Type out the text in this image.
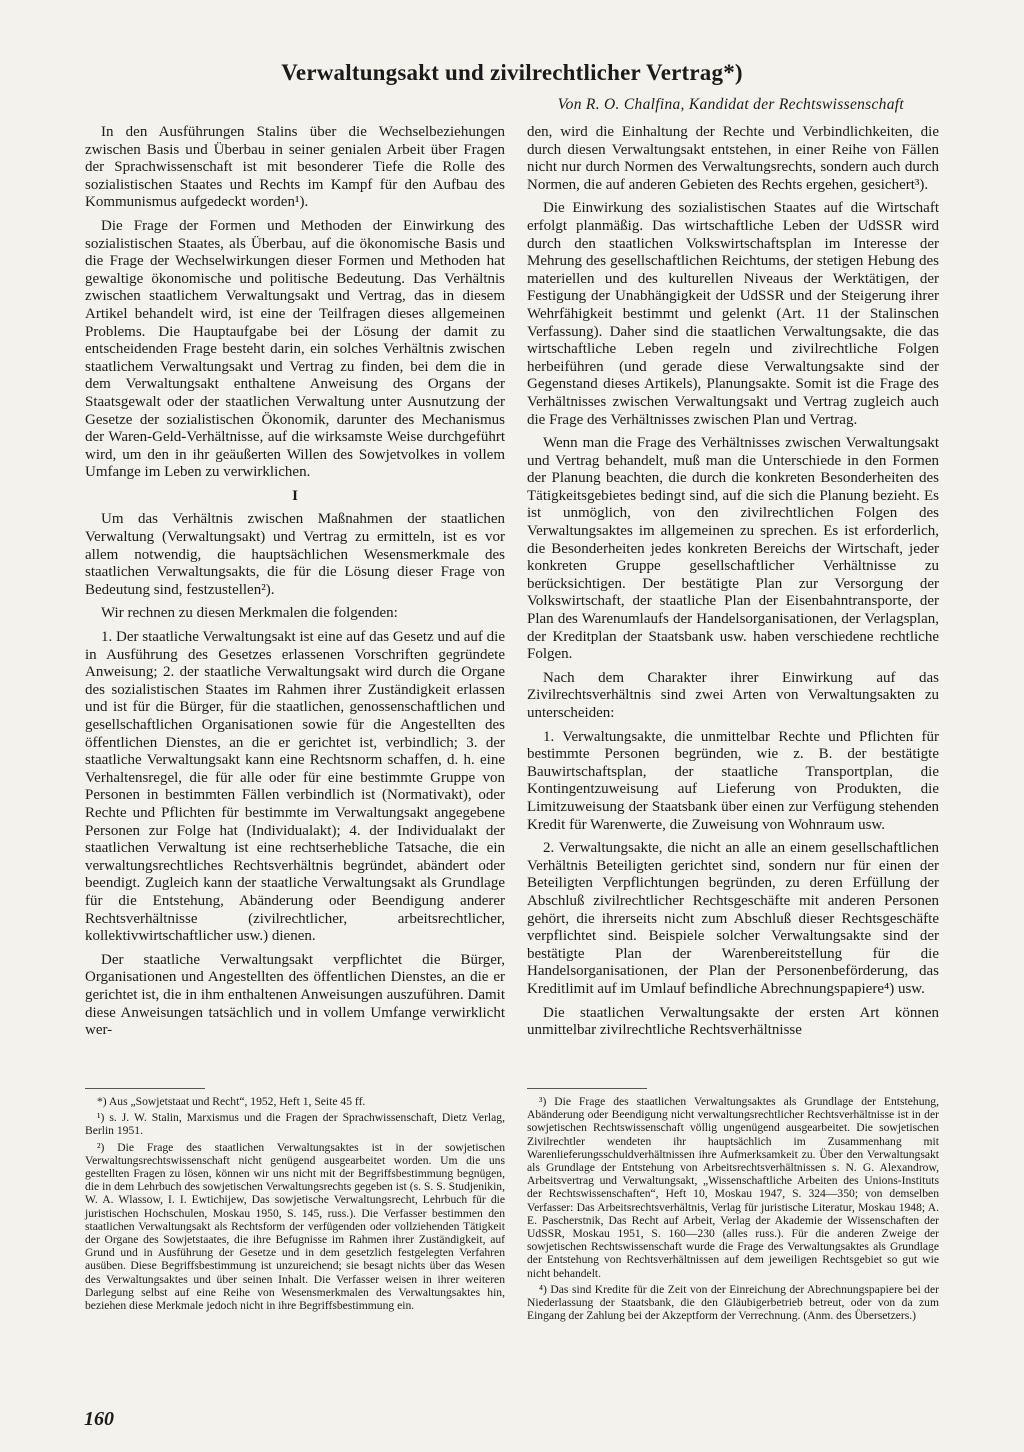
Verwaltungsakt und zivilrechtlicher Vertrag*)
Von R. O. Chalfina, Kandidat der Rechtswissenschaft

In den Ausführungen Stalins über die Wechselbeziehungen zwischen Basis und Überbau in seiner genialen Arbeit über Fragen der Sprachwissenschaft ist mit besonderer Tiefe die Rolle des sozialistischen Staates und Rechts im Kampf für den Aufbau des Kommunismus aufgedeckt worden¹).

Die Frage der Formen und Methoden der Einwirkung des sozialistischen Staates, als Überbau, auf die ökonomische Basis und die Frage der Wechselwirkungen dieser Formen und Methoden hat gewaltige ökonomische und politische Bedeutung. Das Verhältnis zwischen staatlichem Verwaltungsakt und Vertrag, das in diesem Artikel behandelt wird, ist eine der Teilfragen dieses allgemeinen Problems. Die Hauptaufgabe bei der Lösung der damit zu entscheidenden Frage besteht darin, ein solches Verhältnis zwischen staatlichem Verwaltungsakt und Vertrag zu finden, bei dem die in dem Verwaltungsakt enthaltene Anweisung des Organs der Staatsgewalt oder der staatlichen Verwaltung unter Ausnutzung der Gesetze der sozialistischen Ökonomik, darunter des Mechanismus der Waren-Geld-Verhältnisse, auf die wirksamste Weise durchgeführt wird, um den in ihr geäußerten Willen des Sowjetvolkes in vollem Umfange im Leben zu verwirklichen.

I

Um das Verhältnis zwischen Maßnahmen der staatlichen Verwaltung (Verwaltungsakt) und Vertrag zu ermitteln, ist es vor allem notwendig, die hauptsächlichen Wesensmerkmale des staatlichen Verwaltungsakts, die für die Lösung dieser Frage von Bedeutung sind, festzustellen²).

Wir rechnen zu diesen Merkmalen die folgenden:

1. Der staatliche Verwaltungsakt ist eine auf das Gesetz und auf die in Ausführung des Gesetzes erlassenen Vorschriften gegründete Anweisung; 2. der staatliche Verwaltungsakt wird durch die Organe des sozialistischen Staates im Rahmen ihrer Zuständigkeit erlassen und ist für die Bürger, für die staatlichen, genossenschaftlichen und gesellschaftlichen Organisationen sowie für die Angestellten des öffentlichen Dienstes, an die er gerichtet ist, verbindlich; 3. der staatliche Verwaltungsakt kann eine Rechtsnorm schaffen, d. h. eine Verhaltensregel, die für alle oder für eine bestimmte Gruppe von Personen in bestimmten Fällen verbindlich ist (Normativakt), oder Rechte und Pflichten für bestimmte im Verwaltungsakt angegebene Personen zur Folge hat (Individualakt); 4. der Individualakt der staatlichen Verwaltung ist eine rechtserhebliche Tatsache, die ein verwaltungsrechtliches Rechtsverhältnis begründet, abändert oder beendigt. Zugleich kann der staatliche Verwaltungsakt als Grundlage für die Entstehung, Abänderung oder Beendigung anderer Rechtsverhältnisse (zivilrechtlicher, arbeitsrechtlicher, kollektivwirtschaftlicher usw.) dienen.

Der staatliche Verwaltungsakt verpflichtet die Bürger, Organisationen und Angestellten des öffentlichen Dienstes, an die er gerichtet ist, die in ihm enthaltenen Anweisungen auszuführen. Damit diese Anweisungen tatsächlich und in vollem Umfange verwirklicht wer-

den, wird die Einhaltung der Rechte und Verbindlichkeiten, die durch diesen Verwaltungsakt entstehen, in einer Reihe von Fällen nicht nur durch Normen des Verwaltungsrechts, sondern auch durch Normen, die auf anderen Gebieten des Rechts ergehen, gesichert³).

Die Einwirkung des sozialistischen Staates auf die Wirtschaft erfolgt planmäßig. Das wirtschaftliche Leben der UdSSR wird durch den staatlichen Volkswirtschaftsplan im Interesse der Mehrung des gesellschaftlichen Reichtums, der stetigen Hebung des materiellen und des kulturellen Niveaus der Werktätigen, der Festigung der Unabhängigkeit der UdSSR und der Steigerung ihrer Wehrfähigkeit bestimmt und gelenkt (Art. 11 der Stalinschen Verfassung). Daher sind die staatlichen Verwaltungsakte, die das wirtschaftliche Leben regeln und zivilrechtliche Folgen herbeiführen (und gerade diese Verwaltungsakte sind der Gegenstand dieses Artikels), Planungsakte. Somit ist die Frage des Verhältnisses zwischen Verwaltungsakt und Vertrag zugleich auch die Frage des Verhältnisses zwischen Plan und Vertrag.

Wenn man die Frage des Verhältnisses zwischen Verwaltungsakt und Vertrag behandelt, muß man die Unterschiede in den Formen der Planung beachten, die durch die konkreten Besonderheiten des Tätigkeitsgebietes bedingt sind, auf die sich die Planung bezieht. Es ist unmöglich, von den zivilrechtlichen Folgen des Verwaltungsaktes im allgemeinen zu sprechen. Es ist erforderlich, die Besonderheiten jedes konkreten Bereichs der Wirtschaft, jeder konkreten Gruppe gesellschaftlicher Verhältnisse zu berücksichtigen. Der bestätigte Plan zur Versorgung der Volkswirtschaft, der staatliche Plan der Eisenbahntransporte, der Plan des Warenumlaufs der Handelsorganisationen, der Verlagsplan, der Kreditplan der Staatsbank usw. haben verschiedene rechtliche Folgen.

Nach dem Charakter ihrer Einwirkung auf das Zivilrechtsverhältnis sind zwei Arten von Verwaltungsakten zu unterscheiden:

1. Verwaltungsakte, die unmittelbar Rechte und Pflichten für bestimmte Personen begründen, wie z. B. der bestätigte Bauwirtschaftsplan, der staatliche Transportplan, die Kontingentzuweisung auf Lieferung von Produkten, die Limitzuweisung der Staatsbank über einen zur Verfügung stehenden Kredit für Warenwerte, die Zuweisung von Wohnraum usw.

2. Verwaltungsakte, die nicht an alle an einem gesellschaftlichen Verhältnis Beteiligten gerichtet sind, sondern nur für einen der Beteiligten Verpflichtungen begründen, zu deren Erfüllung der Abschluß zivilrechtlicher Rechtsgeschäfte mit anderen Personen gehört, die ihrerseits nicht zum Abschluß dieser Rechtsgeschäfte verpflichtet sind. Beispiele solcher Verwaltungsakte sind der bestätigte Plan der Warenbereitstellung für die Handelsorganisationen, der Plan der Personenbeförderung, das Kreditlimit auf im Umlauf befindliche Abrechnungspapiere⁴) usw.

Die staatlichen Verwaltungsakte der ersten Art können unmittelbar zivilrechtliche Rechtsverhältnisse

*) Aus „Sowjetstaat und Recht“, 1952, Heft 1, Seite 45 ff.

¹) s. J. W. Stalin, Marxismus und die Fragen der Sprachwissenschaft, Dietz Verlag, Berlin 1951.

²) Die Frage des staatlichen Verwaltungsaktes ist in der sowjetischen Verwaltungsrechtswissenschaft nicht genügend ausgearbeitet worden. Um die uns gestellten Fragen zu lösen, können wir uns nicht mit der Begriffsbestimmung begnügen, die in dem Lehrbuch des sowjetischen Verwaltungsrechts gegeben ist (s. S. S. Studjenikin, W. A. Wlassow, I. I. Ewtichijew, Das sowjetische Verwaltungsrecht, Lehrbuch für die juristischen Hochschulen, Moskau 1950, S. 145, russ.). Die Verfasser bestimmen den staatlichen Verwaltungsakt als Rechtsform der verfügenden oder vollziehenden Tätigkeit der Organe des Sowjetstaates, die ihre Befugnisse im Rahmen ihrer Zuständigkeit, auf Grund und in Ausführung der Gesetze und in dem gesetzlich festgelegten Verfahren ausüben. Diese Begriffsbestimmung ist unzureichend; sie besagt nichts über das Wesen des Verwaltungsaktes und über seinen Inhalt. Die Verfasser weisen in ihrer weiteren Darlegung selbst auf eine Reihe von Wesensmerkmalen des Verwaltungsaktes hin, beziehen diese Merkmale jedoch nicht in ihre Begriffsbestimmung ein.

³) Die Frage des staatlichen Verwaltungsaktes als Grundlage der Entstehung, Abänderung oder Beendigung nicht verwaltungsrechtlicher Rechtsverhältnisse ist in der sowjetischen Rechtswissenschaft völlig ungenügend ausgearbeitet. Die sowjetischen Zivilrechtler wendeten ihr hauptsächlich im Zusammenhang mit Warenlieferungsschuldverhältnissen ihre Aufmerksamkeit zu. Über den Verwaltungsakt als Grundlage der Entstehung von Arbeitsrechtsverhältnissen s. N. G. Alexandrow, Arbeitsvertrag und Verwaltungsakt, „Wissenschaftliche Arbeiten des Unions-Instituts der Rechtswissenschaften“, Heft 10, Moskau 1947, S. 324—350; von demselben Verfasser: Das Arbeitsrechtsverhältnis, Verlag für juristische Literatur, Moskau 1948; A. E. Pascherstnik, Das Recht auf Arbeit, Verlag der Akademie der Wissenschaften der UdSSR, Moskau 1951, S. 160—230 (alles russ.). Für die anderen Zweige der sowjetischen Rechtswissenschaft wurde die Frage des Verwaltungsaktes als Grundlage der Entstehung von Rechtsverhältnissen auf dem jeweiligen Rechtsgebiet so gut wie nicht behandelt.

⁴) Das sind Kredite für die Zeit von der Einreichung der Abrechnungspapiere bei der Niederlassung der Staatsbank, die den Gläubigerbetrieb betreut, oder von da zum Eingang der Zahlung bei der Akzeptform der Verrechnung. (Anm. des Übersetzers.)

160
